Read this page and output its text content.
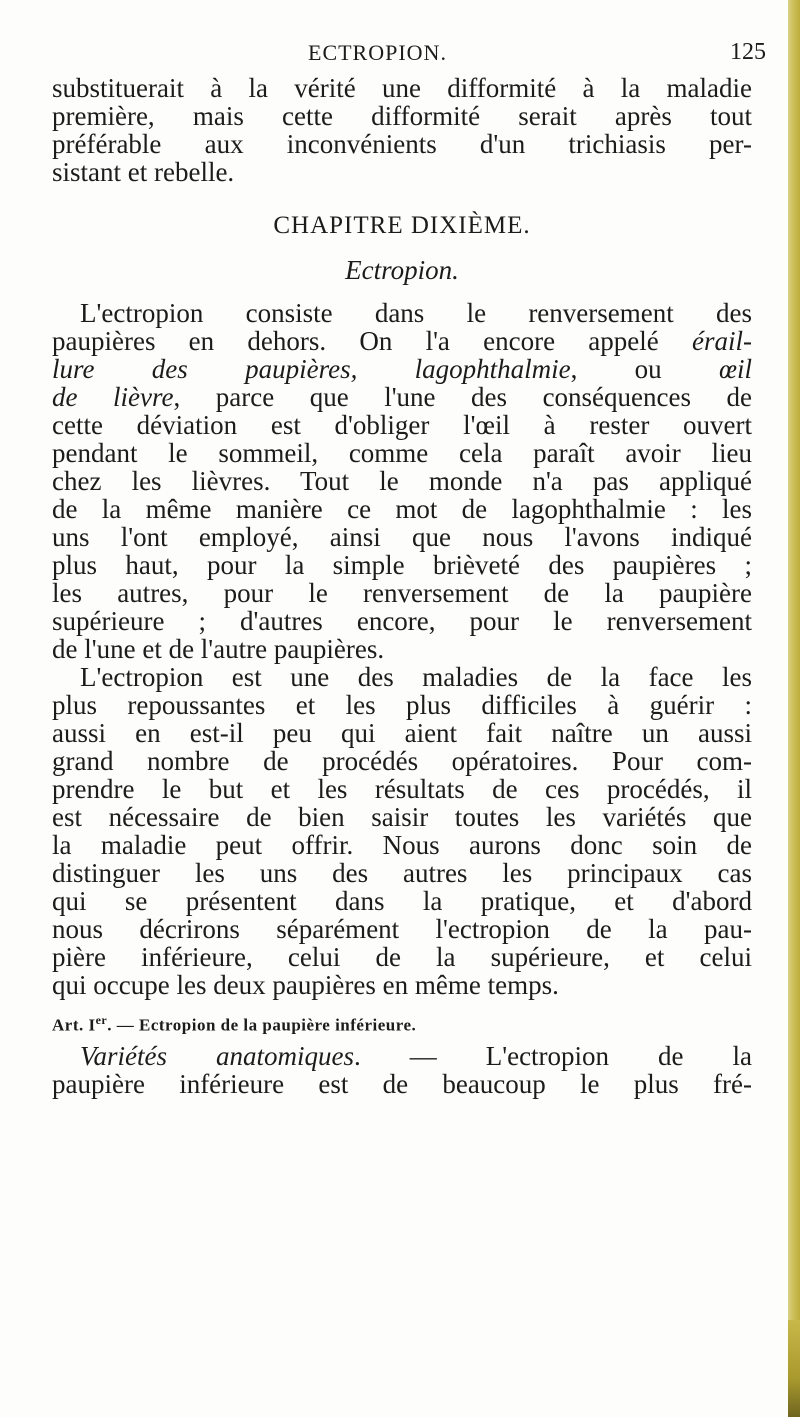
ECTROPION.	125
substituerait à la vérité une difformité à la maladie
première, mais cette difformité serait après tout
préférable aux inconvénients d'un trichiasis per-
sistant et rebelle.
CHAPITRE DIXIÈME.
Ectropion.
L'ectropion consiste dans le renversement des
paupières en dehors. On l'a encore appelé érail-
lure des paupières, lagophthalmie, ou œil
de lièvre, parce que l'une des conséquences de
cette déviation est d'obliger l'œil à rester ouvert
pendant le sommeil, comme cela paraît avoir lieu
chez les lièvres. Tout le monde n'a pas appliqué
de la même manière ce mot de lagophthalmie : les
uns l'ont employé, ainsi que nous l'avons indiqué
plus haut, pour la simple brièveté des paupières ;
les autres, pour le renversement de la paupière
supérieure ; d'autres encore, pour le renversement
de l'une et de l'autre paupières.
L'ectropion est une des maladies de la face les
plus repoussantes et les plus difficiles à guérir :
aussi en est-il peu qui aient fait naître un aussi
grand nombre de procédés opératoires. Pour com-
prendre le but et les résultats de ces procédés, il
est nécessaire de bien saisir toutes les variétés que
la maladie peut offrir. Nous aurons donc soin de
distinguer les uns des autres les principaux cas
qui se présentent dans la pratique, et d'abord
nous décrirons séparément l'ectropion de la pau-
pière inférieure, celui de la supérieure, et celui
qui occupe les deux paupières en même temps.
Art. Ier. — Ectropion de la paupière inférieure.
Variétés anatomiques. — L'ectropion de la
paupière inférieure est de beaucoup le plus fré-
